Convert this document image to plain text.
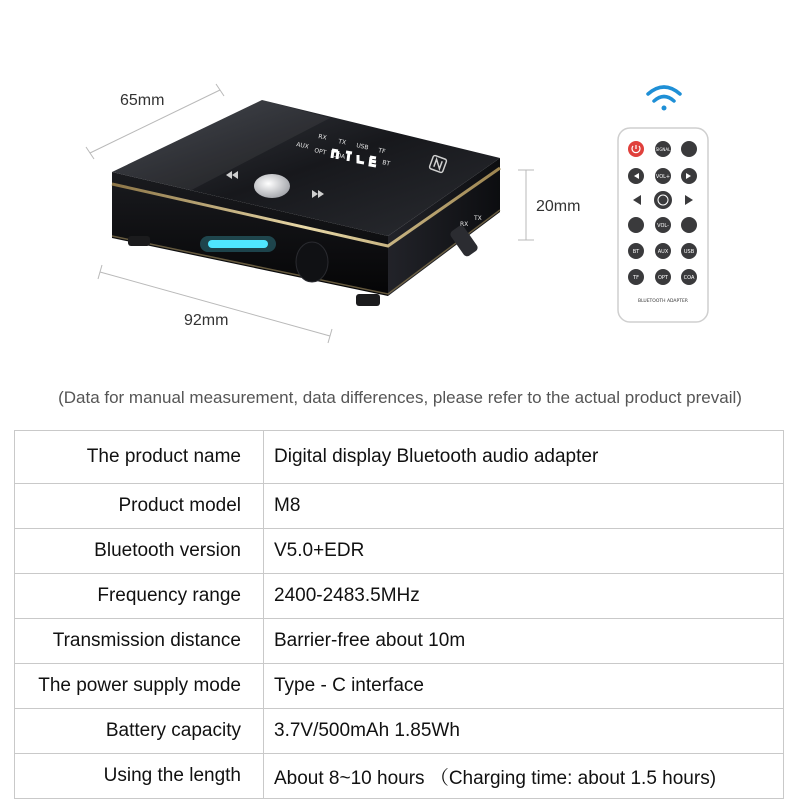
RX
TX USB TF
AUX
OPT COA
BT
RX
TX
SIGNAL
VOL+
VOL-
BT	AUX	USB
TF	OPT	COA
BLUETOOTH ADAPTER
65mm
92mm
20mm
(Data for manual measurement, data differences, please refer to the actual product prevail)
The product name	Digital display Bluetooth audio adapter
Product model	M8
Bluetooth version	V5.0+EDR
Frequency range	2400-2483.5MHz
Transmission distance	Barrier-free about 10m
The power supply mode	Type - C interface
Battery capacity	3.7V/500mAh 1.85Wh
Using the length	About 8~10 hours （Charging time: about 1.5 hours)
